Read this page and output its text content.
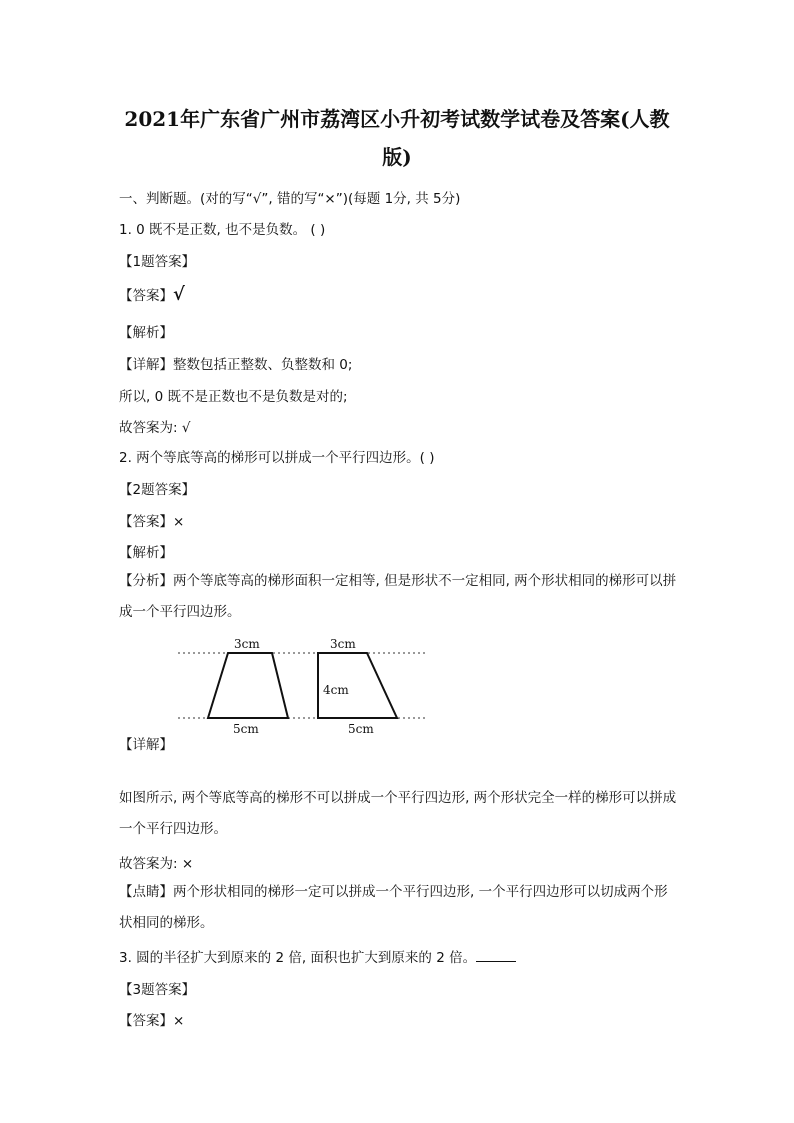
2021年广东省广州市荔湾区小升初考试数学试卷及答案(人教版)
一、判断题。(对的写“√”, 错的写“×”)(每题 1分, 共 5分)
1. 0 既不是正数, 也不是负数。 ( )
【1题答案】
【答案】√
【解析】
【详解】整数包括正整数、负整数和 0;
所以, 0 既不是正数也不是负数是对的;
故答案为: √
2. 两个等底等高的梯形可以拼成一个平行四边形。( )
【2题答案】
【答案】×
【解析】
【分析】两个等底等高的梯形面积一定相等, 但是形状不一定相同, 两个形状相同的梯形可以拼成一个平行四边形。
3cm
5cm
3cm
4cm
5cm
【详解】
如图所示, 两个等底等高的梯形不可以拼成一个平行四边形, 两个形状完全一样的梯形可以拼成一个平行四边形。
故答案为: ×
【点睛】两个形状相同的梯形一定可以拼成一个平行四边形, 一个平行四边形可以切成两个形状相同的梯形。
3. 圆的半径扩大到原来的 2 倍, 面积也扩大到原来的 2 倍。
【3题答案】
【答案】×
